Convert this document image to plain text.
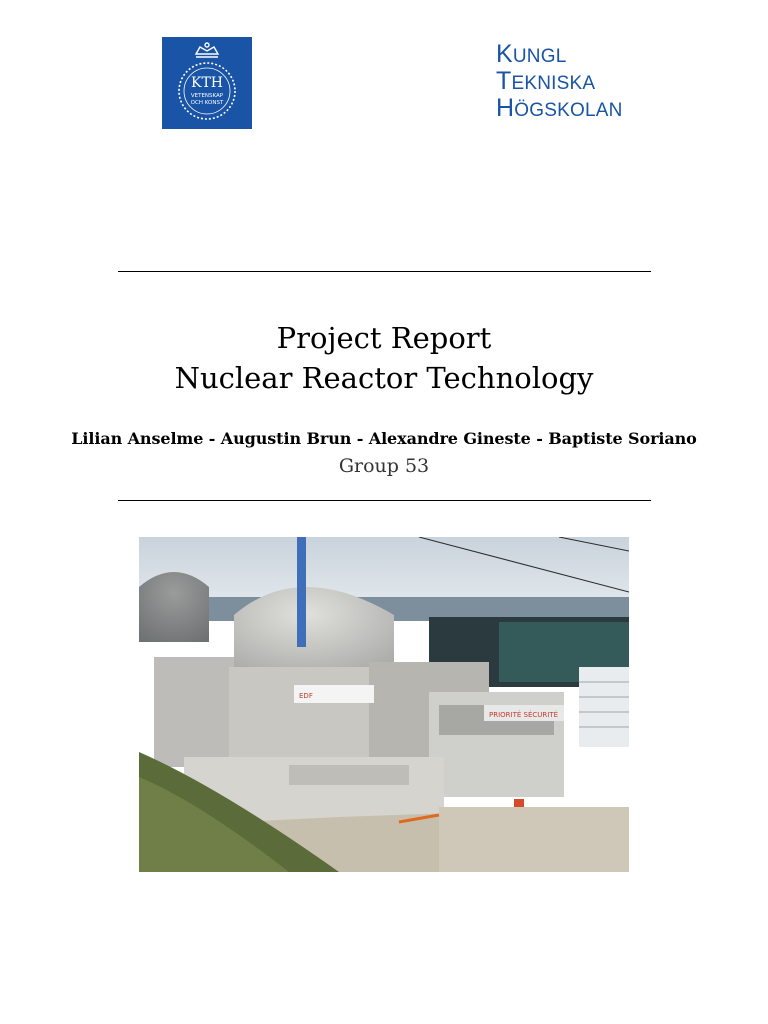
KTH
VETENSKAP
OCH KONST
KUNGL
TEKNISKA
HÖGSKOLAN
Project Report
Nuclear Reactor Technology
Lilian Anselme - Augustin Brun - Alexandre Gineste - Baptiste Soriano
Group 53
EDF
PRIORITÉ SÉCURITÉ
